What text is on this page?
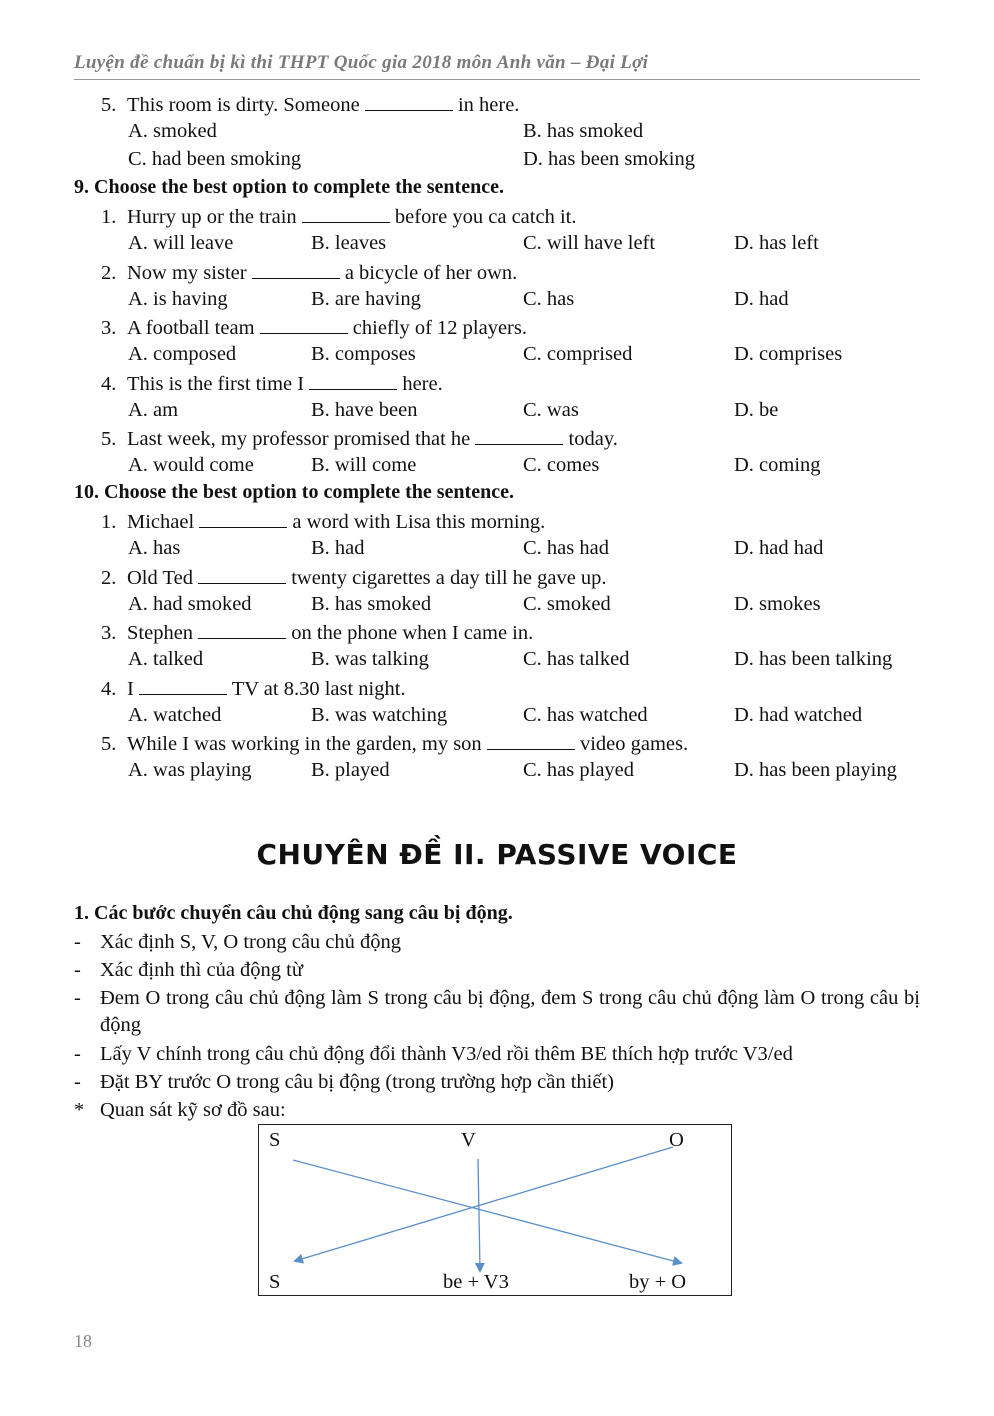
Luyện đề chuẩn bị kì thi THPT Quốc gia 2018 môn Anh văn – Đại Lợi
5. This room is dirty. Someone	in here.
A. smoked	B. has smoked
C. had been smoking	D. has been smoking
9. Choose the best option to complete the sentence.
1. Hurry up or the train	before you ca catch it.
A. will leave	B. leaves	C. will have left	D. has left
2. Now my sister	a bicycle of her own.
A. is having	B. are having	C. has	D. had
3. A football team	chiefly of 12 players.
A. composed	B. composes	C. comprised	D. comprises
4. This is the first time I	here.
A. am	B. have been	C. was	D. be
5. Last week, my professor promised that he	today.
A. would come	B. will come	C. comes	D. coming
10. Choose the best option to complete the sentence.
1. Michael	a word with Lisa this morning.
A. has	B. had	C. has had	D. had had
2. Old Ted	twenty cigarettes a day till he gave up.
A. had smoked	B. has smoked	C. smoked	D. smokes
3. Stephen	on the phone when I came in.
A. talked	B. was talking	C. has talked	D. has been talking
4. I	TV at 8.30 last night.
A. watched	B. was watching	C. has watched	D. had watched
5. While I was working in the garden, my son	video games.
A. was playing	B. played	C. has played	D. has been playing
CHUYÊN ĐỀ II. PASSIVE VOICE
1. Các bước chuyển câu chủ động sang câu bị động.
- Xác định S, V, O trong câu chủ động
- Xác định thì của động từ
- Đem O trong câu chủ động làm S trong câu bị động, đem S trong câu chủ động làm O trong câu bị động
- Lấy V chính trong câu chủ động đổi thành V3/ed rồi thêm BE thích hợp trước V3/ed
- Đặt BY trước O trong câu bị động (trong trường hợp cần thiết)
* Quan sát kỹ sơ đồ sau:
S	V	O
S	be + V3	by + O
18
